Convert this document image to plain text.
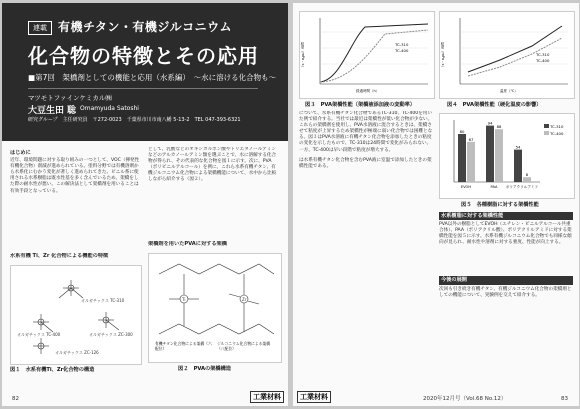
連載 有機チタン・有機ジルコニウム
化合物の特徴とその応用
■第7回　架橋剤としての機能と応用（水系編）　～水に溶ける化合物も～
マツモトファインケミカル㈱
大豆生田 聡 Omamyuda Satoshi
研究グループ　主任研究員　〒272-0023　千葉県市川市南八幡 5-13-2　TEL 047-393-6321
はじめに
近年、環境問題に対する取り組みの一つとして、VOC（揮発性有機化合物）削減が進められている。塗料分野では有機溶剤から水系化にむかう変化が著しく進められてきた。ビニル系に使用される水系樹脂は既水性基を多く含んでいるため、架橋をした際の耐水性が悪い。この解決法として架橋剤を用いることは有効手段となっている。
水系有機 Ti、Zr 化合物による機能の特徴
オルガチックス TC-310
オルガチックス TC-400	オルガチックス ZC-300
オルガチックス ZC-126
図１　水系有機Ti、Zr化合物の構造
として、乳酸などのオキシカルボン酸やトリエタノールアミンなどのアルカノールアミン類を選ぶことで、水に溶解する化合物が得られ、その代表的な化合物を図１に示す。次に、PVA（ポリビニルアルコール）を例に、これら水系有機チタン、有機ジルコニウム化合物による架橋機能について、水中から比較しながら紹介する（図２）。
架橋剤を用いたPVAに対する架橋
Ti	Zr
有機チタン化合物による架橋（六配位）
ジルコニウム化合物による架橋（八配位）
図２　PVAの架橋構造
82	工業材料
TC-310
TC-400
粘度（mPa・s）
経過時間（h）
図３　PVA架橋性能（架橋液添加液の変動率）
TC-310
TC-400
粘度（mPa・s）
温度（℃）
図４　PVA架橋性能（硬化温度の影響）
80
67
EVOH
94
88
PAA
54
8
ポリアクリルアミド
TC-310
TC-400
図５　各種樹脂に対する架橋性能
について、水系有機チタン化合物であるTC-310、TC-400を用いた例で紹介する。当社では最近は架橋性が低い化合物が少ない。これらの架橋剤を使用し、PVA水溶液に混合するときは、架橋させて粘度が上昇するため架橋性が極端に弱い化合物では困難となる。図３はPVA水溶液に有機チタン化合物を添加したときの粘度の変化を示したもので、TC-310は24時間で変化がみられない。一方、TC-400は早い段階で粘度が増大する。
は水系有機チタン化合物を含むPVA液に室温で添加したときの架橋性能である。
水系樹脂に対する架橋性能
PVA以外の樹脂としてEVOH（エチレン・ビニルアルコール共重合体）、PAA（ポリアクリル酸）、ポリアクリルアミドに対する架橋性能を図５に示す。水系有機ジルコニウム化合物でも同様な傾向が見られ、耐水性や溶剤に対する強度、性能が向上する。
今後の展開
次回も引き続き有機チタン、有機ジルコニウム化合物の架橋剤としての機能について、実験例を交えて紹介する。
工業材料	2020年12月号（Vol.68 No.12）	83
